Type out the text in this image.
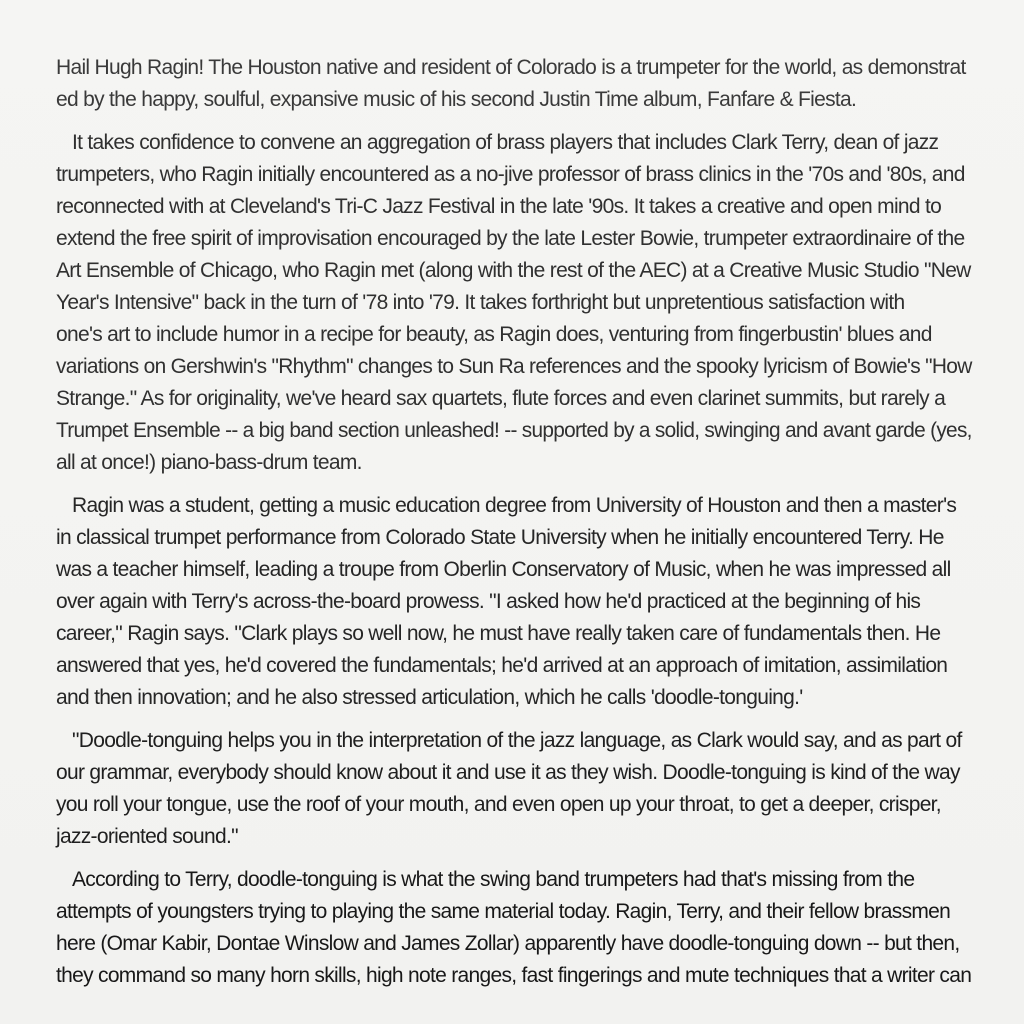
Hail Hugh Ragin! The Houston native and resident of Colorado is a trumpeter for the world, as demonstrat
ed by the happy, soulful, expansive music of his second Justin Time album, Fanfare & Fiesta.
It takes confidence to convene an aggregation of brass players that includes Clark Terry, dean of jazz
trumpeters, who Ragin initially encountered as a no-jive professor of brass clinics in the '70s and '80s, and
reconnected with at Cleveland's Tri-C Jazz Festival in the late '90s. It takes a creative and open mind to
extend the free spirit of improvisation encouraged by the late Lester Bowie, trumpeter extraordinaire of the
Art Ensemble of Chicago, who Ragin met (along with the rest of the AEC) at a Creative Music Studio "New
Year's Intensive" back in the turn of '78 into '79. It takes forthright but unpretentious satisfaction with
one's art to include humor in a recipe for beauty, as Ragin does, venturing from fingerbustin' blues and
variations on Gershwin's "Rhythm" changes to Sun Ra references and the spooky lyricism of Bowie's "How
Strange." As for originality, we've heard sax quartets, flute forces and even clarinet summits, but rarely a
Trumpet Ensemble -- a big band section unleashed! -- supported by a solid, swinging and avant garde (yes,
all at once!) piano-bass-drum team.
Ragin was a student, getting a music education degree from University of Houston and then a master's
in classical trumpet performance from Colorado State University when he initially encountered Terry. He
was a teacher himself, leading a troupe from Oberlin Conservatory of Music, when he was impressed all
over again with Terry's across-the-board prowess. "I asked how he'd practiced at the beginning of his
career," Ragin says. "Clark plays so well now, he must have really taken care of fundamentals then. He
answered that yes, he'd covered the fundamentals; he'd arrived at an approach of imitation, assimilation
and then innovation; and he also stressed articulation, which he calls 'doodle-tonguing.'
"Doodle-tonguing helps you in the interpretation of the jazz language, as Clark would say, and as part of
our grammar, everybody should know about it and use it as they wish. Doodle-tonguing is kind of the way
you roll your tongue, use the roof of your mouth, and even open up your throat, to get a deeper, crisper,
jazz-oriented sound."
According to Terry, doodle-tonguing is what the swing band trumpeters had that's missing from the
attempts of youngsters trying to playing the same material today. Ragin, Terry, and their fellow brassmen
here (Omar Kabir, Dontae Winslow and James Zollar) apparently have doodle-tonguing down -- but then,
they command so many horn skills, high note ranges, fast fingerings and mute techniques that a writer can
